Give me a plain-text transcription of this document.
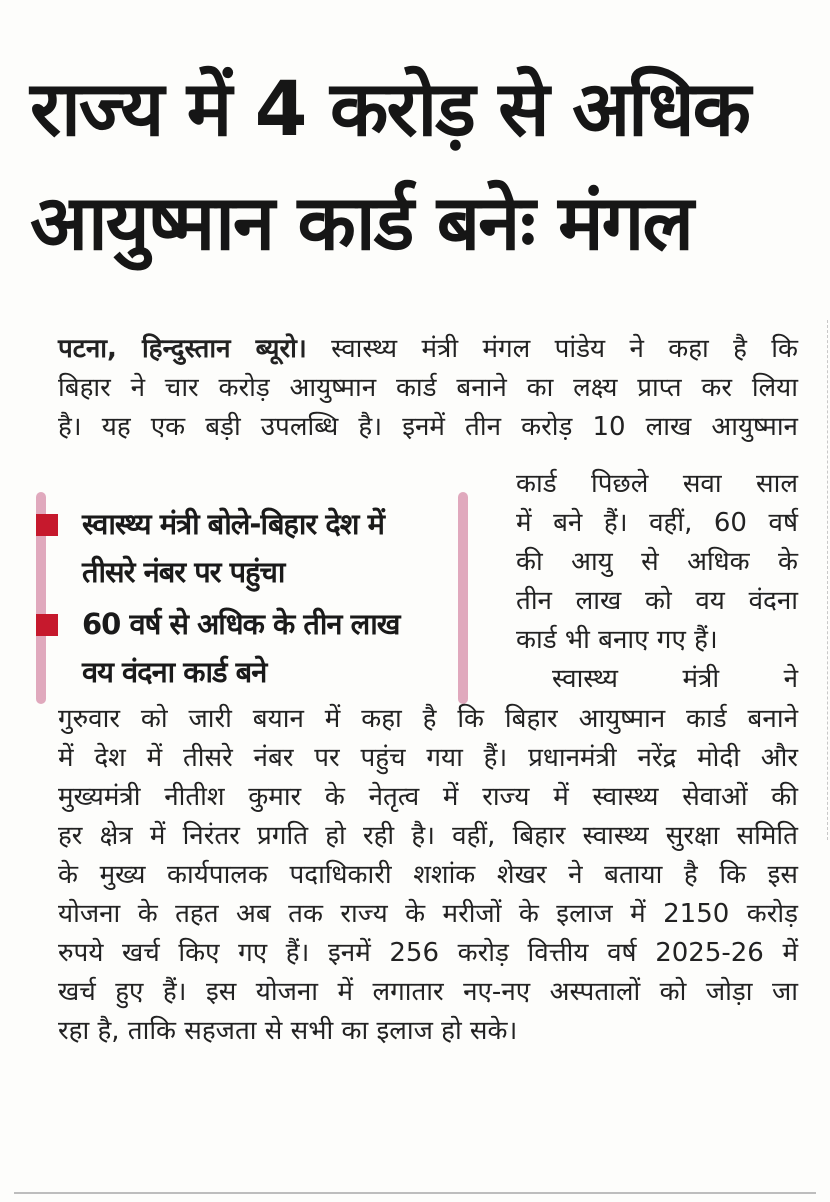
राज्य में 4 करोड़ से अधिक
आयुष्मान कार्ड बनेः मंगल
पटना, हिन्दुस्तान ब्यूरो। स्वास्थ्य मंत्री मंगल पांडेय ने कहा है कि
बिहार ने चार करोड़ आयुष्मान कार्ड बनाने का लक्ष्य प्राप्त कर लिया
है। यह एक बड़ी उपलब्धि है। इनमें तीन करोड़ 10 लाख आयुष्मान
स्वास्थ्य मंत्री बोले-बिहार देश में तीसरे नंबर पर पहुंचा
60 वर्ष से अधिक के तीन लाख वय वंदना कार्ड बने
कार्ड पिछले सवा साल
में बने हैं। वहीं, 60 वर्ष
की आयु से अधिक के
तीन लाख को वय वंदना
कार्ड भी बनाए गए हैं।
स्वास्थ्य मंत्री ने
गुरुवार को जारी बयान में कहा है कि बिहार आयुष्मान कार्ड बनाने
में देश में तीसरे नंबर पर पहुंच गया हैं। प्रधानमंत्री नरेंद्र मोदी और
मुख्यमंत्री नीतीश कुमार के नेतृत्व में राज्य में स्वास्थ्य सेवाओं की
हर क्षेत्र में निरंतर प्रगति हो रही है। वहीं, बिहार स्वास्थ्य सुरक्षा समिति
के मुख्य कार्यपालक पदाधिकारी शशांक शेखर ने बताया है कि इस
योजना के तहत अब तक राज्य के मरीजों के इलाज में 2150 करोड़
रुपये खर्च किए गए हैं। इनमें 256 करोड़ वित्तीय वर्ष 2025-26 में
खर्च हुए हैं। इस योजना में लगातार नए-नए अस्पतालों को जोड़ा जा
रहा है, ताकि सहजता से सभी का इलाज हो सके।
